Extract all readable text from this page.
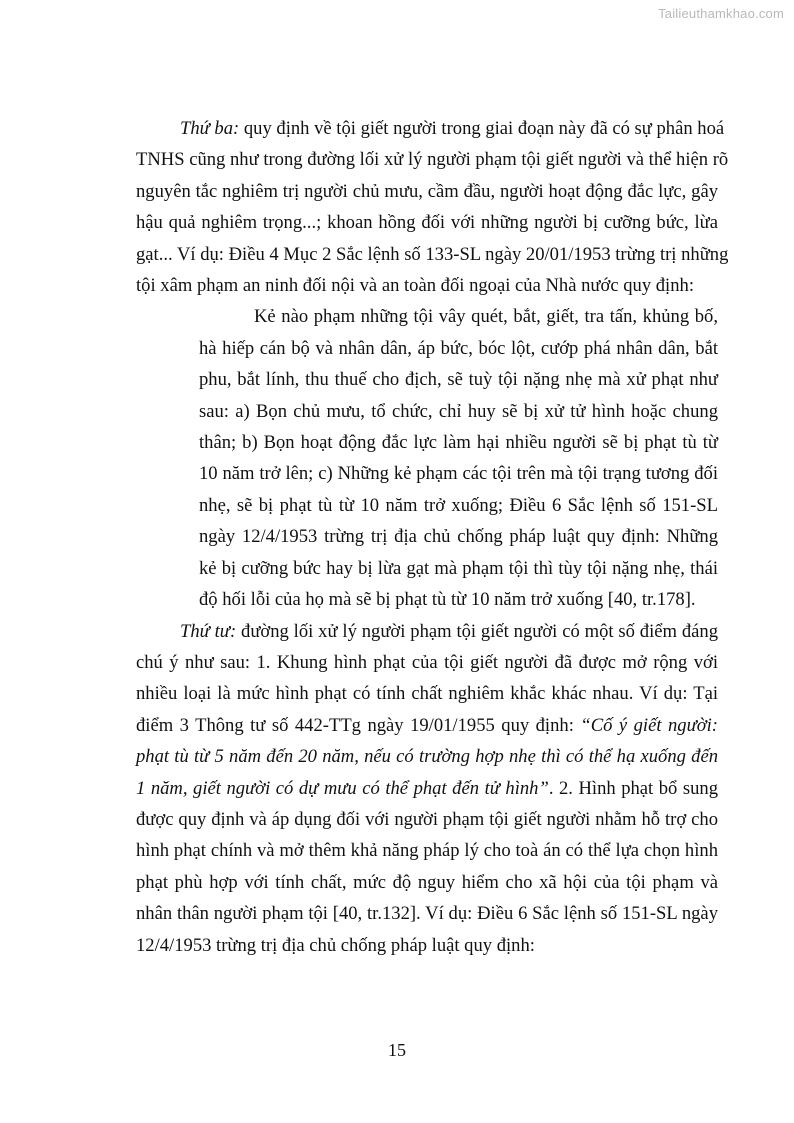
Tailieuthamkhao.com

Thứ ba: quy định về tội giết người trong giai đoạn này đã có sự phân hoá
TNHS cũng như trong đường lối xử lý người phạm tội giết người và thể hiện rõ
nguyên tắc nghiêm trị người chủ mưu, cầm đầu, người hoạt động đắc lực, gây
hậu quả nghiêm trọng...; khoan hồng đối với những người bị cưỡng bức, lừa
gạt... Ví dụ: Điều 4 Mục 2 Sắc lệnh số 133-SL ngày 20/01/1953 trừng trị những
tội xâm phạm an ninh đối nội và an toàn đối ngoại của Nhà nước quy định:

Kẻ nào phạm những tội vây quét, bắt, giết, tra tấn, khủng bố,
hà hiếp cán bộ và nhân dân, áp bức, bóc lột, cướp phá nhân dân, bắt
phu, bắt lính, thu thuế cho địch, sẽ tuỳ tội nặng nhẹ mà xử phạt như
sau: a) Bọn chủ mưu, tổ chức, chỉ huy sẽ bị xử tử hình hoặc chung
thân; b) Bọn hoạt động đắc lực làm hại nhiều người sẽ bị phạt tù từ
10 năm trở lên; c) Những kẻ phạm các tội trên mà tội trạng tương đối
nhẹ, sẽ bị phạt tù từ 10 năm trở xuống; Điều 6 Sắc lệnh số 151-SL
ngày 12/4/1953 trừng trị địa chủ chống pháp luật quy định: Những
kẻ bị cưỡng bức hay bị lừa gạt mà phạm tội thì tùy tội nặng nhẹ, thái
độ hối lỗi của họ mà sẽ bị phạt tù từ 10 năm trở xuống [40, tr.178].

Thứ tư: đường lối xử lý người phạm tội giết người có một số điểm đáng
chú ý như sau: 1. Khung hình phạt của tội giết người đã được mở rộng với
nhiều loại là mức hình phạt có tính chất nghiêm khắc khác nhau. Ví dụ: Tại
điểm 3 Thông tư số 442-TTg ngày 19/01/1955 quy định: “Cố ý giết người:
phạt tù từ 5 năm đến 20 năm, nếu có trường hợp nhẹ thì có thể hạ xuống đến
1 năm, giết người có dự mưu có thể phạt đến tử hình”. 2. Hình phạt bổ sung
được quy định và áp dụng đối với người phạm tội giết người nhằm hỗ trợ cho
hình phạt chính và mở thêm khả năng pháp lý cho toà án có thể lựa chọn hình
phạt phù hợp với tính chất, mức độ nguy hiểm cho xã hội của tội phạm và
nhân thân người phạm tội [40, tr.132]. Ví dụ: Điều 6 Sắc lệnh số 151-SL ngày
12/4/1953 trừng trị địa chủ chống pháp luật quy định:

15
